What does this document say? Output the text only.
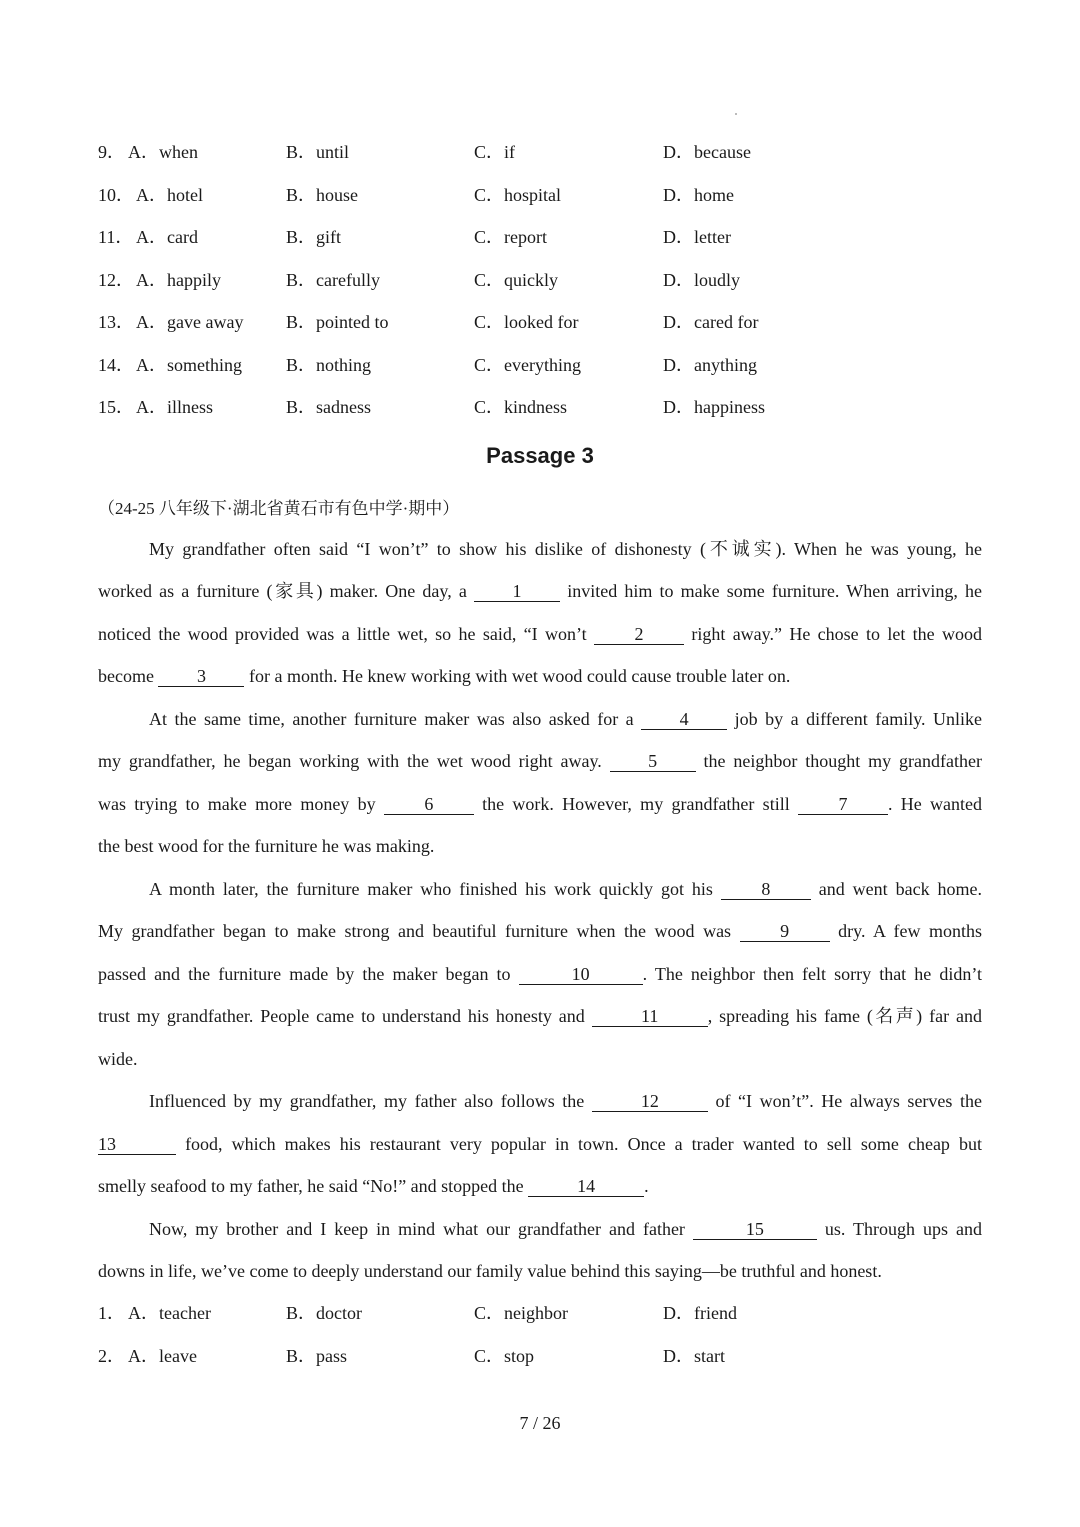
9． A．when	B．until	C．if	D．because
10． A．hotel	B．house	C．hospital	D．home
11． A．card	B．gift	C．report	D．letter
12． A．happily	B．carefully	C．quickly	D．loudly
13． A．gave away B．pointed to	C．looked for	D．cared for
14． A．something B．nothing	C．everything	D．anything
15． A．illness	B．sadness	C．kindness	D．happiness
Passage 3
（24-25 八年级下·湖北省黄石市有色中学·期中）
My grandfather often said “I won’t” to show his dislike of dishonesty (不诚实). When he was young, he
worked as a furniture (家具) maker. One day, a 1 invited him to make some furniture. When arriving, he
noticed the wood provided was a little wet, so he said, “I won’t 2 right away.” He chose to let the wood
become 3 for a month. He knew working with wet wood could cause trouble later on.
At the same time, another furniture maker was also asked for a 4 job by a different family. Unlike
my grandfather, he began working with the wet wood right away. 5 the neighbor thought my grandfather
was trying to make more money by 6 the work. However, my grandfather still 7 . He wanted
the best wood for the furniture he was making.
A month later, the furniture maker who finished his work quickly got his 8 and went back home.
My grandfather began to make strong and beautiful furniture when the wood was 9 dry. A few months
passed and the furniture made by the maker began to	10	. The neighbor then felt sorry that he didn’t
trust my grandfather. People came to understand his honesty and	11	, spreading his fame (名声) far and
wide.
Influenced by my grandfather, my father also follows the	12	of “I won’t”. He always serves the
13	food, which makes his restaurant very popular in town. Once a trader wanted to sell some cheap but
smelly seafood to my father, he said “No!” and stopped the	14	.
Now, my brother and I keep in mind what our grandfather and father	15	us. Through ups and
downs in life, we’ve come to deeply understand our family value behind this saying—be truthful and honest.
1． A．teacher	B．doctor	C．neighbor	D．friend
2． A．leave	B．pass	C．stop	D．start
7 / 26
